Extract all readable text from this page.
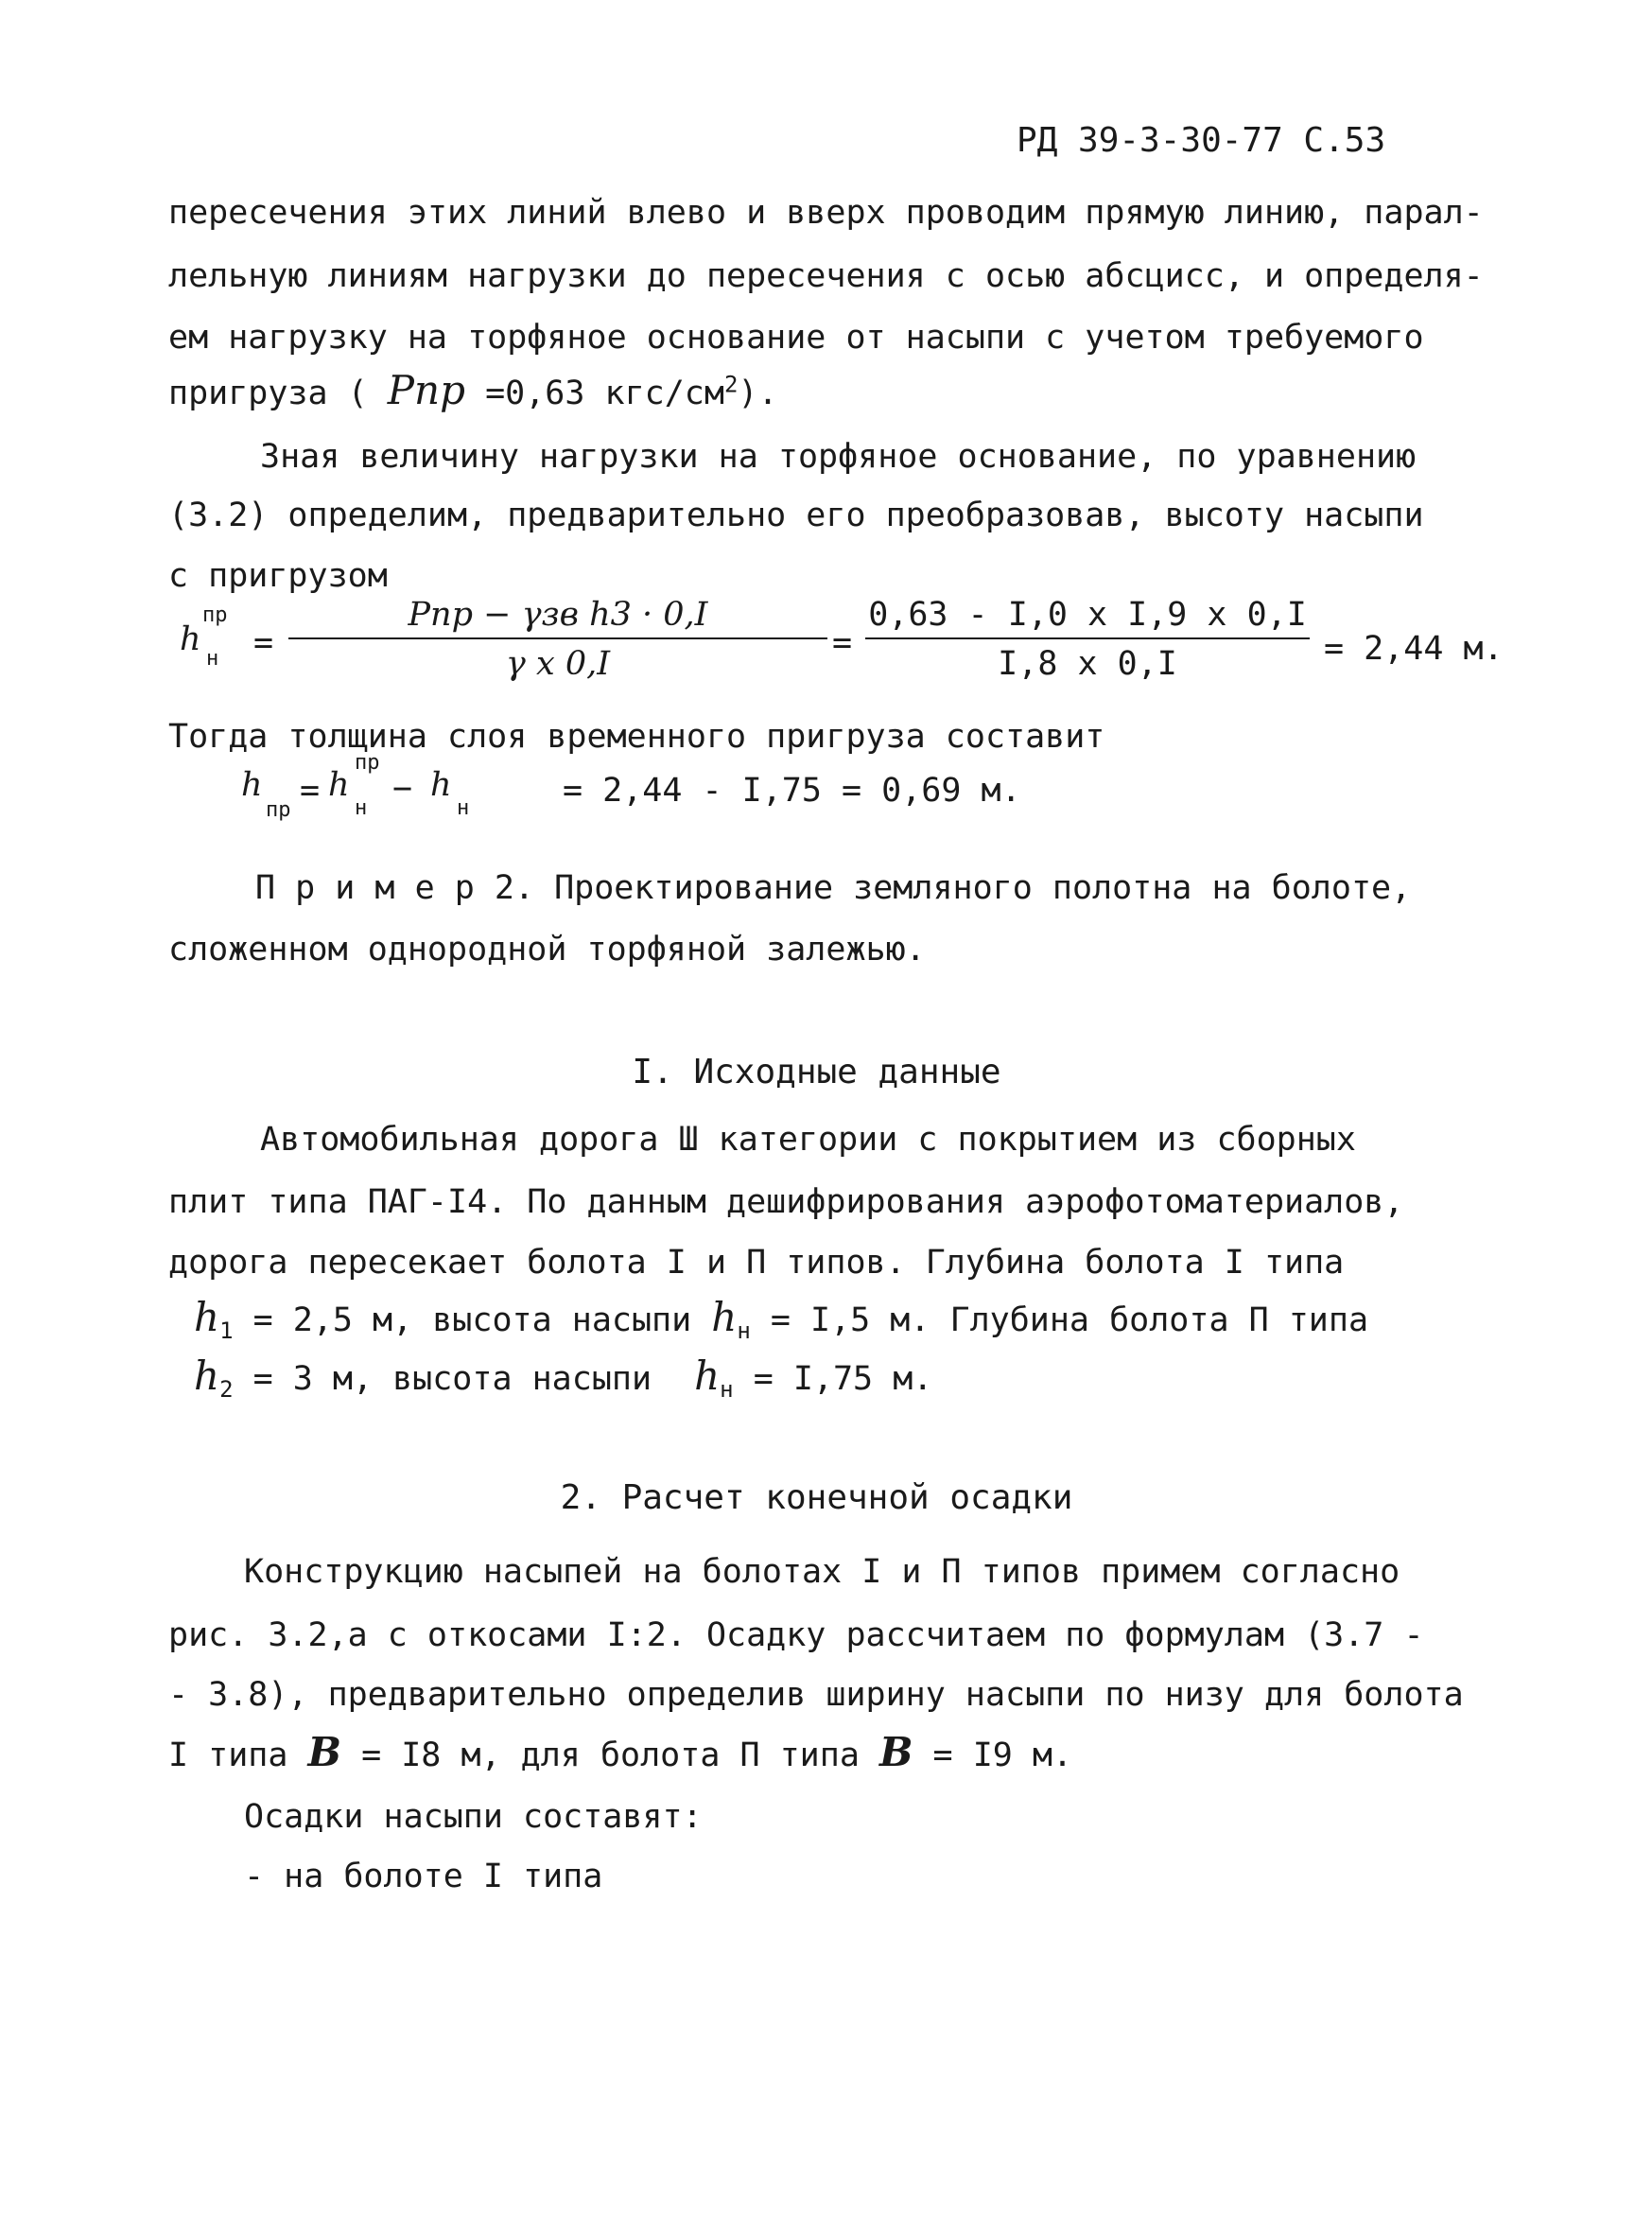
РД 39-3-30-77 С.53
пересечения этих линий влево и вверх проводим прямую линию, парал-
лельную линиям нагрузки до пересечения с осью абсцисс, и определя-
ем нагрузку на торфяное основание от насыпи с учетом требуемого
пригруза ( Pпр =0,63 кгс/$см^2$).
Зная величину нагрузки на торфяное основание, по уравнению
(3.2) определим, предварительно его преобразовав, высоту насыпи
с пригрузом
h
пр
н =
Pпр − γзв h3 · 0,I
γ x 0,I
=
0,63 - I,0 x I,9 x 0,I
I,8 x 0,I	= 2,44 м.
Тогда толщина слоя временного пригруза составит
h
пр
= h
пр
н
− h
н	= 2,44 - I,75 = 0,69 м.
П р и м е р 2. Проектирование земляного полотна на болоте,
сложенном однородной торфяной залежью.
I. Исходные данные
Автомобильная дорога Ш категории с покрытием из сборных
плит типа ПАГ-I4. По данным дешифрирования аэрофотоматериалов,
дорога пересекает болота I и П типов. Глубина болота I типа
$h_1 = 2,5$ м, высота насыпи $h_н = I,5$ м. Глубина болота П типа
$h_2 = 3$ м, высота насыпи $h_н = I,75$ м.
2. Расчет конечной осадки
Конструкцию насыпей на болотах I и П типов примем согласно
рис. 3.2,а с откосами I:2. Осадку рассчитаем по формулам (3.7 -
- 3.8), предварительно определив ширину насыпи по низу для болота
I типа B = I8 м, для болота П типа B = I9 м.
Осадки насыпи составят:
- на болоте I типа
